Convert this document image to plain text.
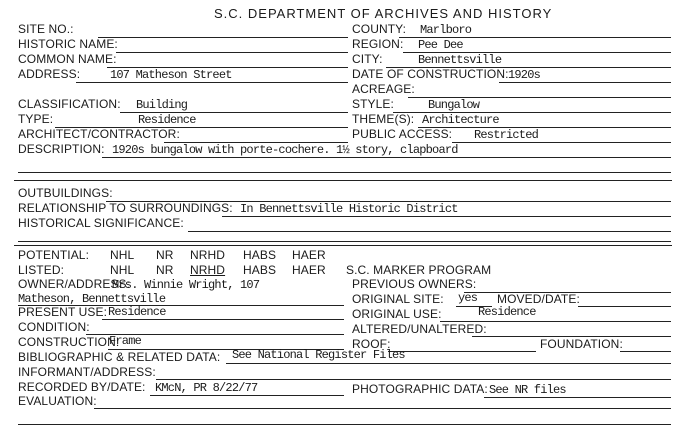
S.C. DEPARTMENT OF ARCHIVES AND HISTORY
SITE NO.:	COUNTY: Marlboro
HISTORIC NAME:	REGION: Pee Dee
COMMON NAME:	CITY:	Bennettsville
ADDRESS: 107 Matheson Street	DATE OF CONSTRUCTION: 1920s
ACREAGE:
CLASSIFICATION: Building	STYLE:	Bungalow
TYPE:	Residence	THEME(S): Architecture
ARCHITECT/CONTRACTOR:	PUBLIC ACCESS: Restricted
DESCRIPTION: 1920s bungalow with porte-cochere. 1½ story, clapboard
OUTBUILDINGS:
RELATIONSHIP TO SURROUNDINGS: In Bennettsville Historic District
HISTORICAL SIGNIFICANCE:
POTENTIAL: NHL NR NRHD HABS HAER
LISTED:	NHL NR NRHD HABS HAER S.C. MARKER PROGRAM
OWNER/ADDRESS:
Mrs. Winnie Wright, 107
Matheson, Bennettsville
PREVIOUS OWNERS:
ORIGINAL SITE: yes MOVED/DATE:
PRESENT USE: Residence	ORIGINAL USE:	Residence
CONDITION:	ALTERED/UNALTERED:
CONSTRUCTION:
Frame	ROOF:	FOUNDATION:
BIBLIOGRAPHIC & RELATED DATA: See National Register Files
INFORMANT/ADDRESS:
RECORDED BY/DATE: KMcN, PR 8/22/77	PHOTOGRAPHIC DATA: See NR files
EVALUATION:
